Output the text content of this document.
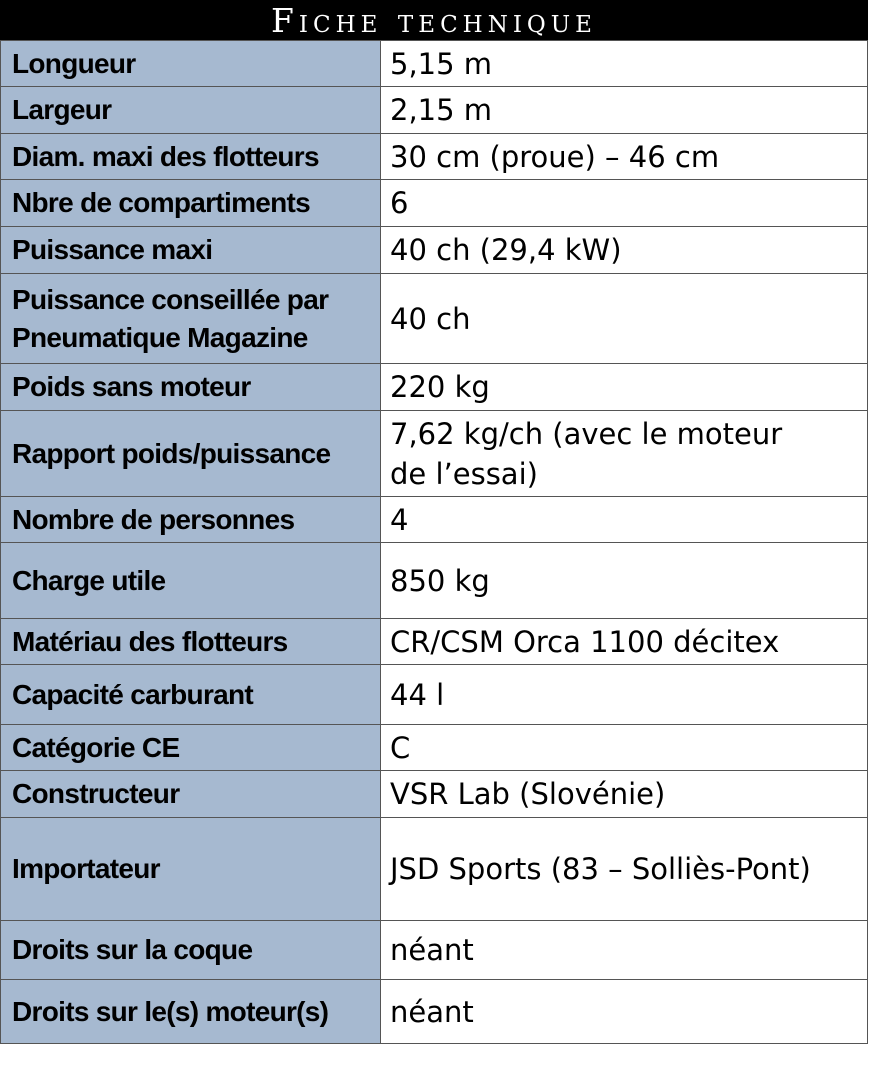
Fiche technique
Longueur	5,15 m
Largeur	2,15 m
Diam. maxi des flotteurs	30 cm (proue) – 46 cm
Nbre de compartiments	6
Puissance maxi	40 ch (29,4 kW)
Puissance conseillée par
Pneumatique Magazine	40 ch
Poids sans moteur	220 kg
Rapport poids/puissance	7,62 kg/ch (avec le moteur
de l’essai)
Nombre de personnes	4
Charge utile	850 kg
Matériau des flotteurs	CR/CSM Orca 1100 décitex
Capacité carburant	44 l
Catégorie CE	C
Constructeur	VSR Lab (Slovénie)
Importateur	JSD Sports (83 – Solliès-Pont)
Droits sur la coque	néant
Droits sur le(s) moteur(s)	néant
